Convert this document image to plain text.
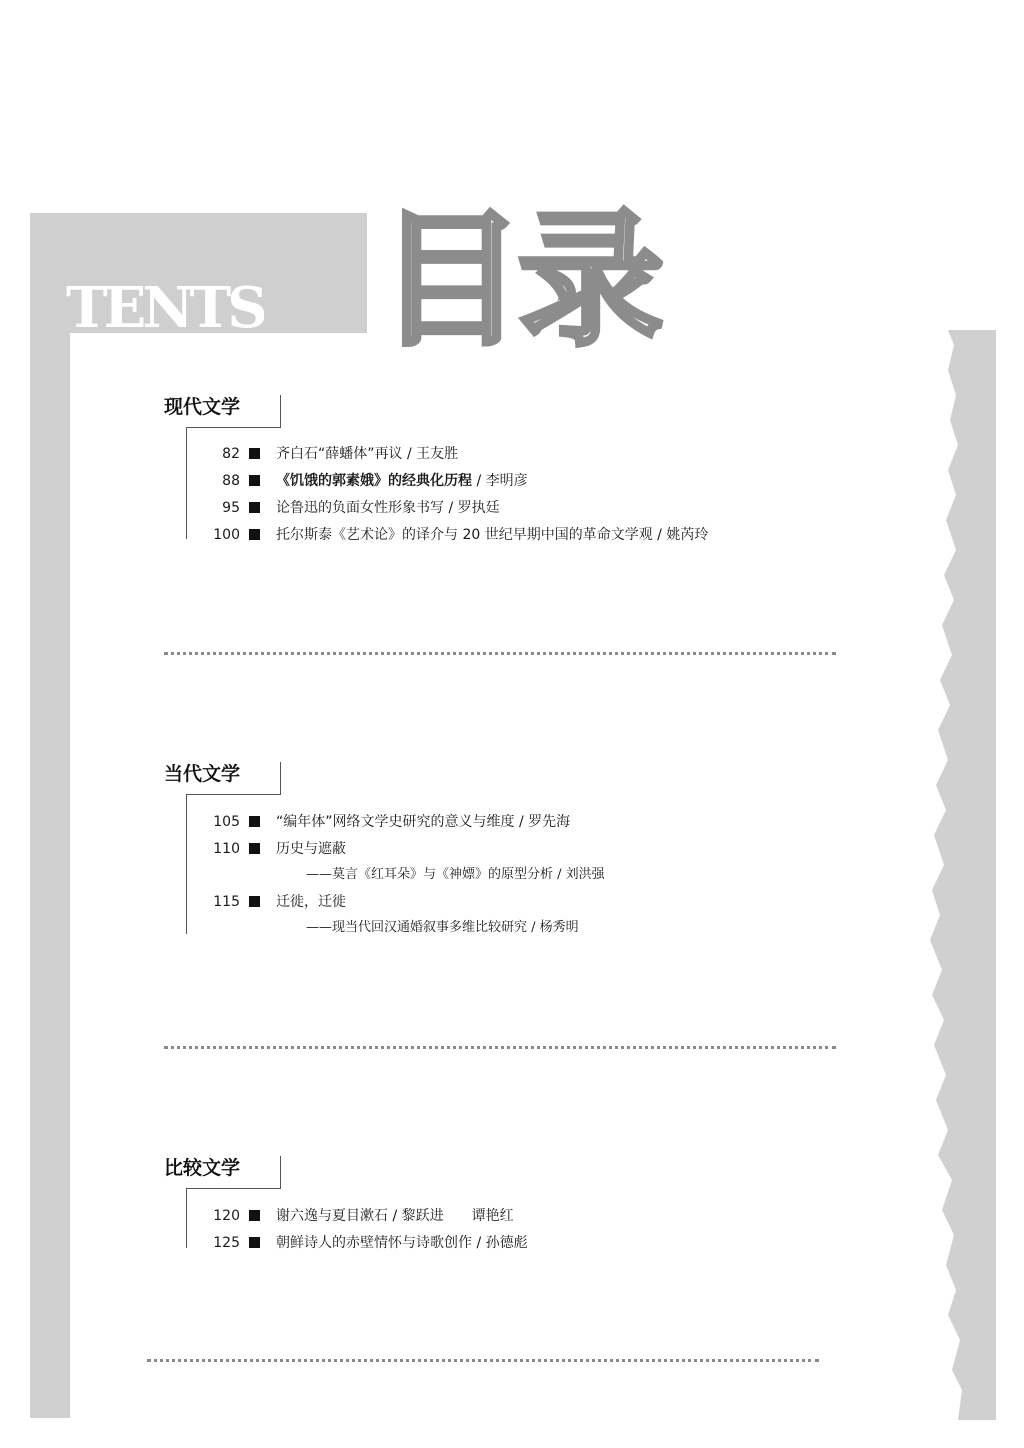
TENTS 目录
现代文学
82	齐白石“薛蟠体”再议 / 王友胜
88	《饥饿的郭素娥》的经典化历程 / 李明彦
95	论鲁迅的负面女性形象书写 / 罗执廷
100	托尔斯泰《艺术论》的译介与 20 世纪早期中国的革命文学观 / 姚芮玲
当代文学
105	“编年体”网络文学史研究的意义与维度 / 罗先海
110	历史与遮蔽
——莫言《红耳朵》与《神嫖》的原型分析 / 刘洪强
115	迁徙，迁徙
——现当代回汉通婚叙事多维比较研究 / 杨秀明
比较文学
120	谢六逸与夏目漱石 / 黎跃进　　谭艳红
125	朝鲜诗人的赤壁情怀与诗歌创作 / 孙德彪
